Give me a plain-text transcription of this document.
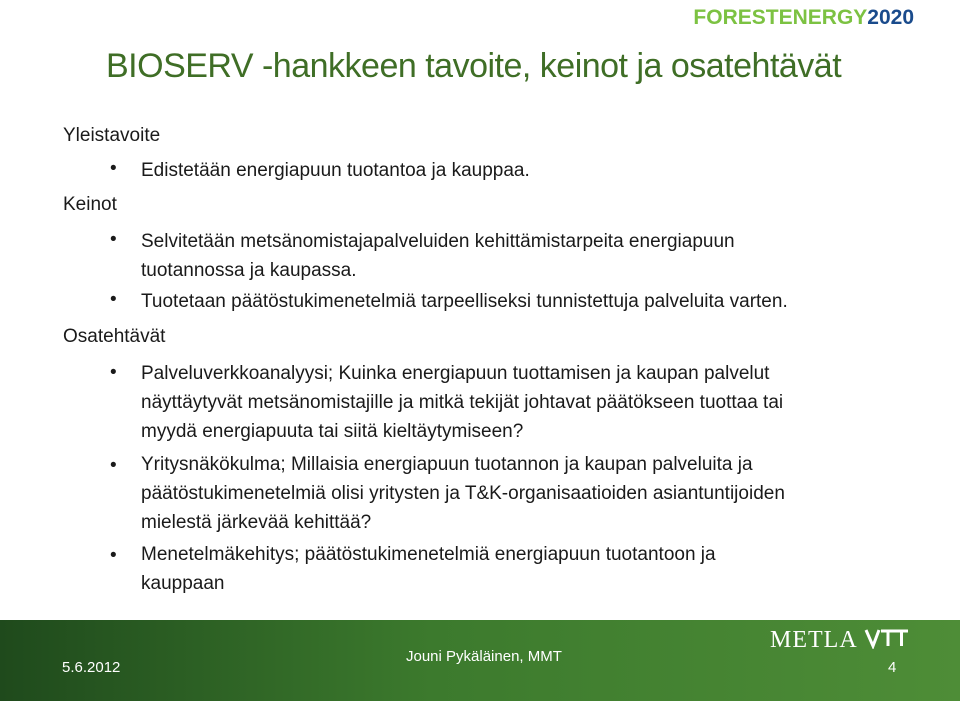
FORESTENERGY2020
BIOSERV -hankkeen tavoite, keinot ja osatehtävät
Yleistavoite
• Edistetään energiapuun tuotantoa ja kauppaa.
Keinot
• Selvitetään metsänomistajapalveluiden kehittämistarpeita energiapuun
tuotannossa ja kaupassa.
• Tuotetaan päätöstukimenetelmiä tarpeelliseksi tunnistettuja palveluita varten.
Osatehtävät
• Palveluverkkoanalyysi; Kuinka energiapuun tuottamisen ja kaupan palvelut
näyttäytyvät metsänomistajille ja mitkä tekijät johtavat päätökseen tuottaa tai
myydä energiapuuta tai siitä kieltäytymiseen?
• Yritysnäkökulma; Millaisia energiapuun tuotannon ja kaupan palveluita ja
päätöstukimenetelmiä olisi yritysten ja T&K-organisaatioiden asiantuntijoiden
mielestä järkevää kehittää?
• Menetelmäkehitys; päätöstukimenetelmiä energiapuun tuotantoon ja
kauppaan
METLA
5.6.2012
Jouni Pykäläinen, MMT
4
